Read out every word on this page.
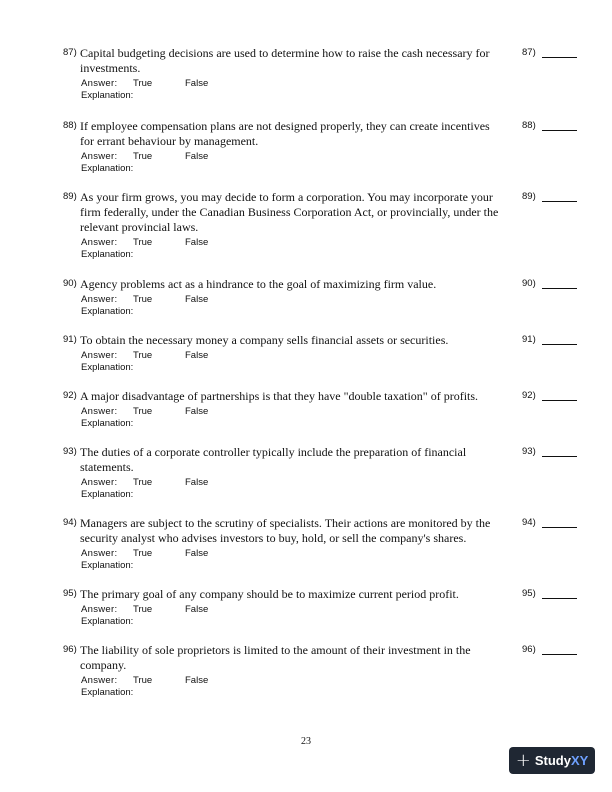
87) Capital budgeting decisions are used to determine how to raise the cash necessary for investments.
Answer:	True	False
Explanation:
87)
88) If employee compensation plans are not designed properly, they can create incentives for errant behaviour by management.
Answer:	True	False
Explanation:
88)
89) As your firm grows, you may decide to form a corporation. You may incorporate your firm federally, under the Canadian Business Corporation Act, or provincially, under the relevant provincial laws.
Answer:	True	False
Explanation:
89)
90) Agency problems act as a hindrance to the goal of maximizing firm value.
Answer:	True	False
Explanation:
90)
91) To obtain the necessary money a company sells financial assets or securities.
Answer:	True	False
Explanation:
91)
92) A major disadvantage of partnerships is that they have "double taxation" of profits.
Answer:	True	False
Explanation:
92)
93) The duties of a corporate controller typically include the preparation of financial statements.
Answer:	True	False
Explanation:
93)
94) Managers are subject to the scrutiny of specialists. Their actions are monitored by the security analyst who advises investors to buy, hold, or sell the company's shares.
Answer:	True	False
Explanation:
94)
95) The primary goal of any company should be to maximize current period profit.
Answer:	True	False
Explanation:
95)
96) The liability of sole proprietors is limited to the amount of their investment in the company.
Answer:	True	False
Explanation:
96)
23
+ StudyXY
